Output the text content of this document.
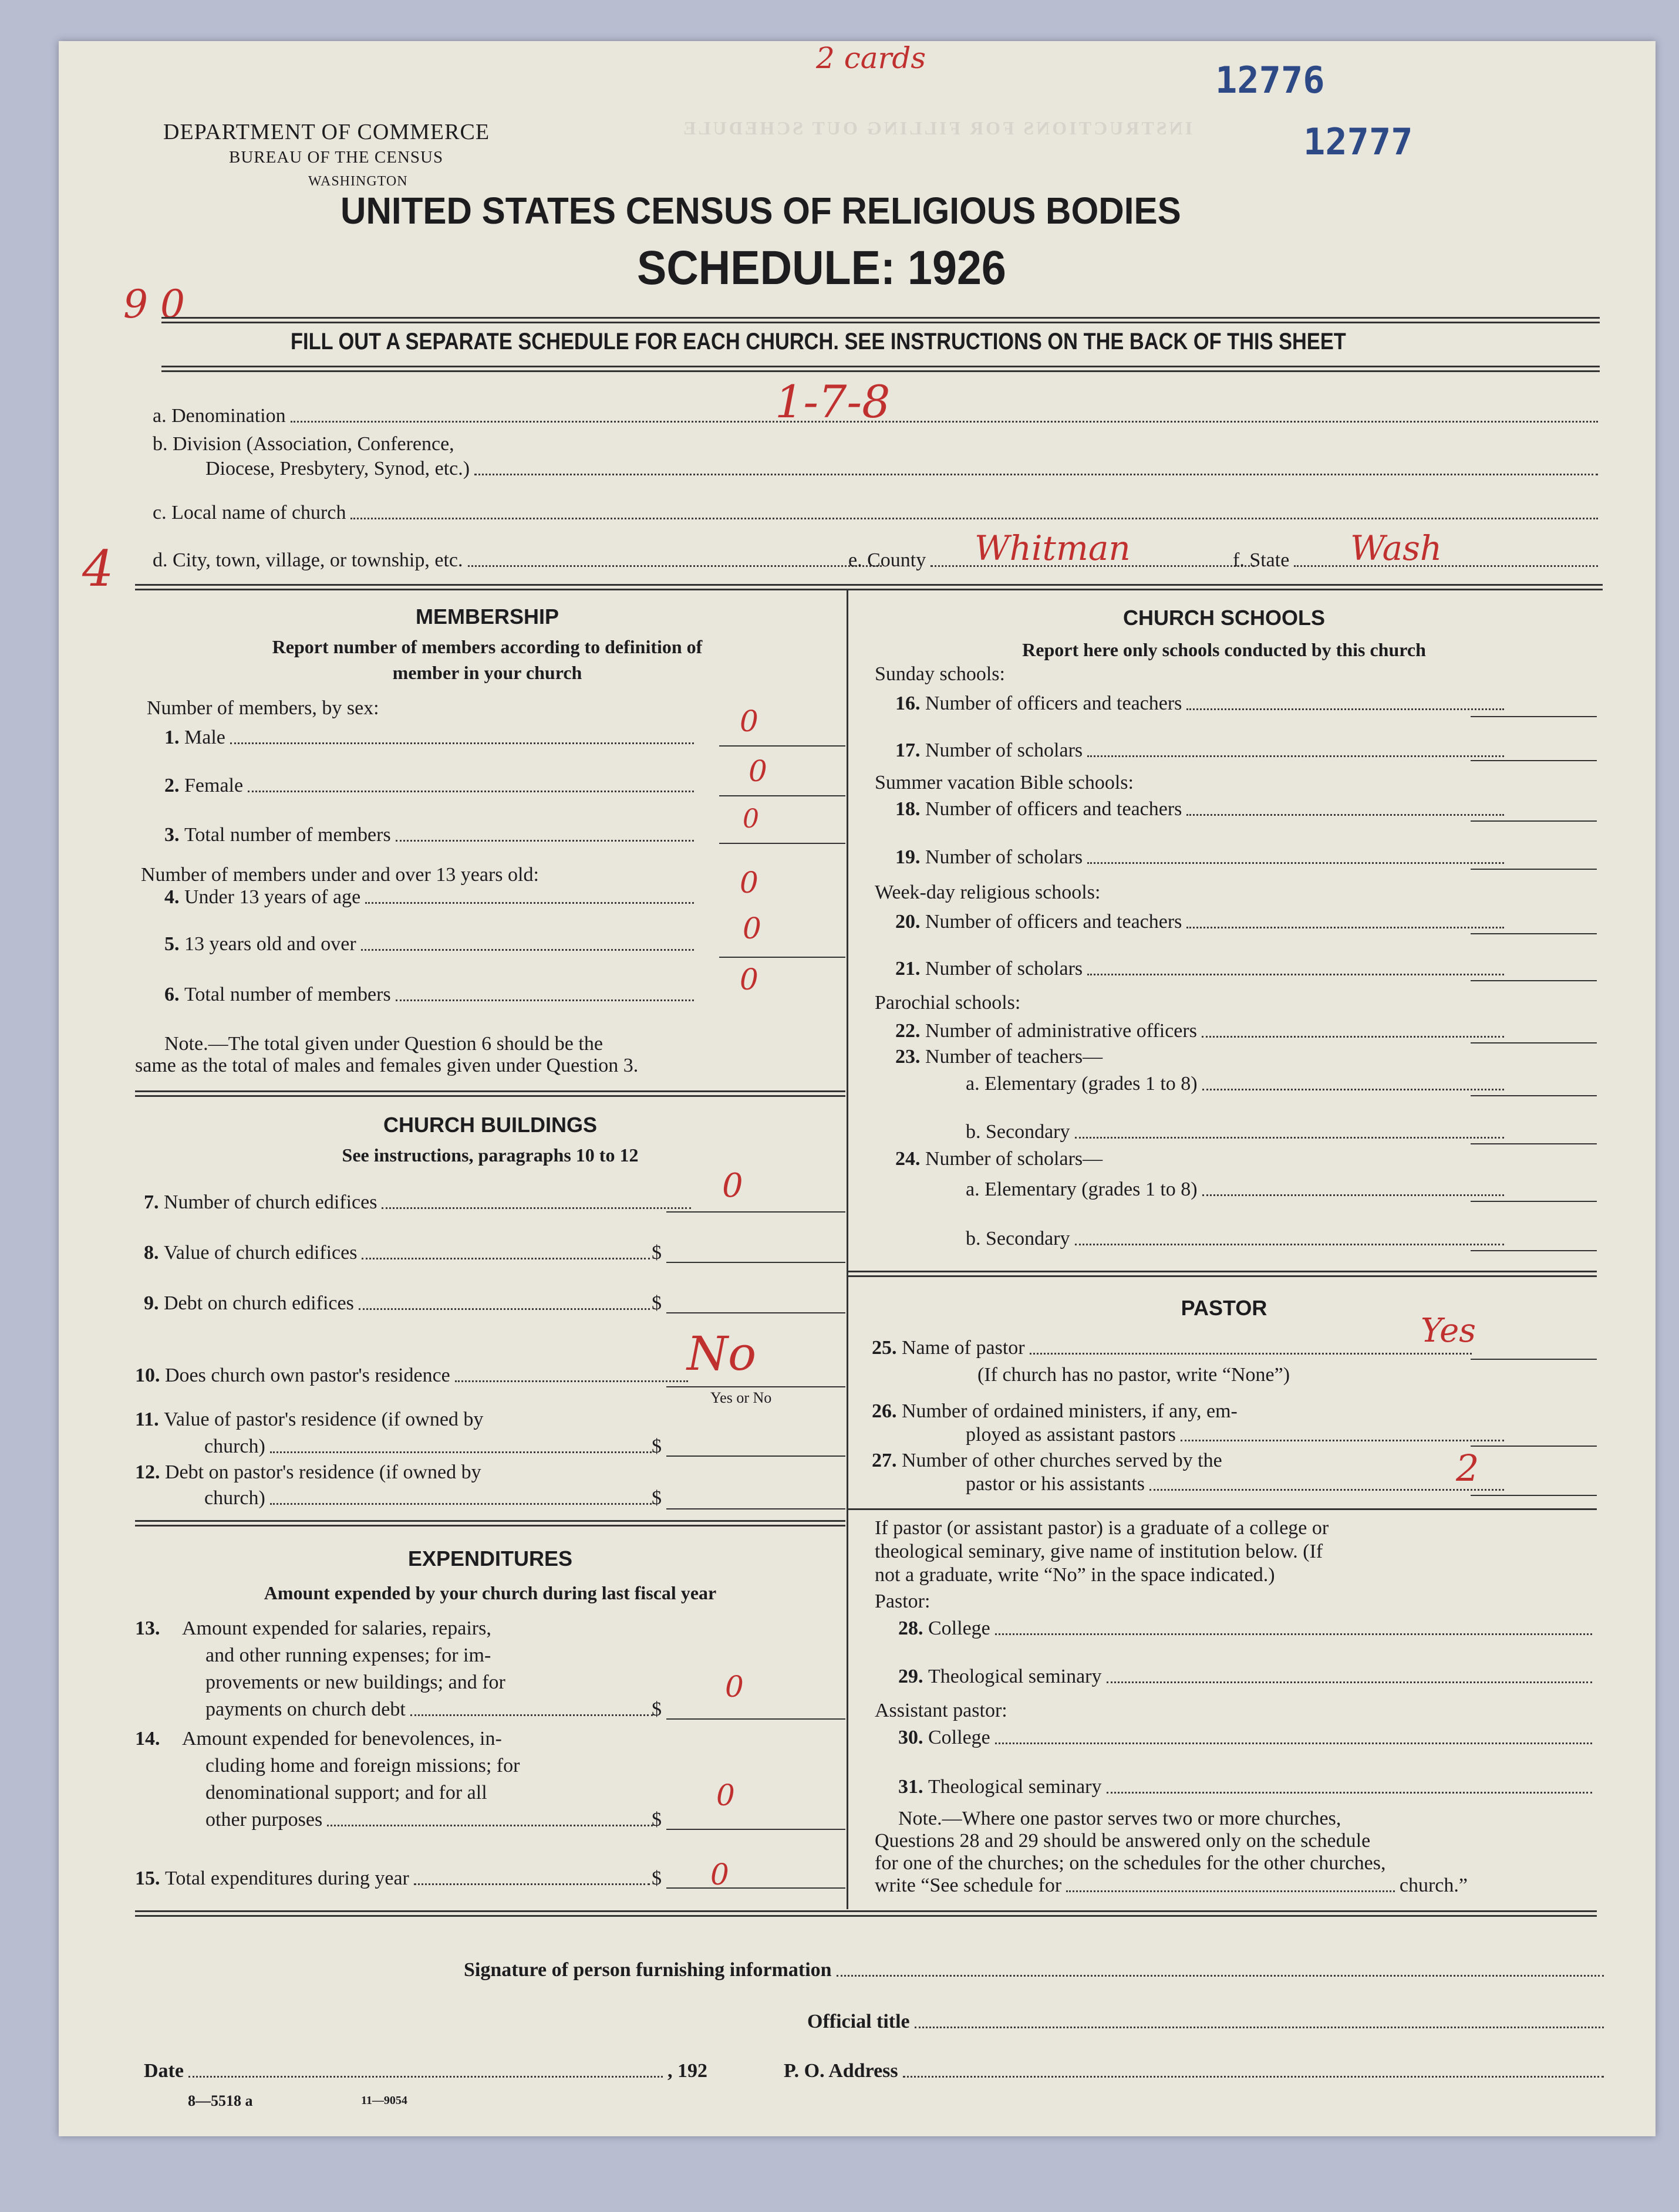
INSTRUCTIONS FOR FILLING OUT SCHEDULE
2 cards
12776
12777
9 0
4
1-7-8
DEPARTMENT OF COMMERCE
BUREAU OF THE CENSUS
WASHINGTON
UNITED STATES CENSUS OF RELIGIOUS BODIES
SCHEDULE: 1926
FILL OUT A SEPARATE SCHEDULE FOR EACH CHURCH. SEE INSTRUCTIONS ON THE BACK OF THIS SHEET
a. Denomination
b. Division (Association, Conference,
Diocese, Presbytery, Synod, etc.)
c. Local name of church
d. City, town, village, or township, etc.	e. County Whitman	f. State Wash
MEMBERSHIP
Report number of members according to definition of
member in your church
Number of members, by sex:
1.
Male	0
2.
Female	0
3.
Total number of members
0
Number of members under and over 13 years old:
4.
Under 13 years of age	0
5.
13 years old and over	0
6.
Total number of members	0
Note.—The total given under Question 6 should be the
same as the total of males and females given under Question 3.
CHURCH BUILDINGS
See instructions, paragraphs 10 to 12
7.
Number of church edifices	0
8.
Value of church edifices	$
9.
Debt on church edifices	$
10.
Does church own pastor's residence	No
Yes or No
11.
Value of pastor's residence (if owned by
church)	$
12.
Debt on pastor's residence (if owned by
church)	$
EXPENDITURES
Amount expended by your church during last fiscal year
13. Amount expended for salaries, repairs,
and other running expenses; for im-
provements or new buildings; and for
payments on church debt	$
0
14. Amount expended for benevolences, in-
cluding home and foreign missions; for
denominational support; and for all
other purposes	$
0
15.
Total expenditures during year	$ 0
CHURCH SCHOOLS
Report here only schools conducted by this church
Sunday schools:
16.
Number of officers and teachers
17.
Number of scholars
Summer vacation Bible schools:
18.
Number of officers and teachers
19.
Number of scholars
Week-day religious schools:
20.
Number of officers and teachers
21.
Number of scholars
Parochial schools:
22.
Number of administrative officers
23. Number of teachers—
a. Elementary (grades 1 to 8)
b. Secondary
24. Number of scholars—
a. Elementary (grades 1 to 8)
b. Secondary
PASTOR
25.
Name of pastor	Yes
(If church has no pastor, write “None”)
26. Number of ordained ministers, if any, em-
ployed as assistant pastors
27. Number of other churches served by the
pastor or his assistants	2
If pastor (or assistant pastor) is a graduate of a college or
theological seminary, give name of institution below. (If
not a graduate, write “No” in the space indicated.)
Pastor:
28.
College
29.
Theological seminary
Assistant pastor:
30.
College
31.
Theological seminary
Note.—Where one pastor serves two or more churches,
Questions 28 and 29 should be answered only on the schedule
for one of the churches; on the schedules for the other churches,
write “See schedule for	church.”
Signature of person furnishing information
Official title
Date	, 192	P. O. Address
8—5518 a	11—9054
